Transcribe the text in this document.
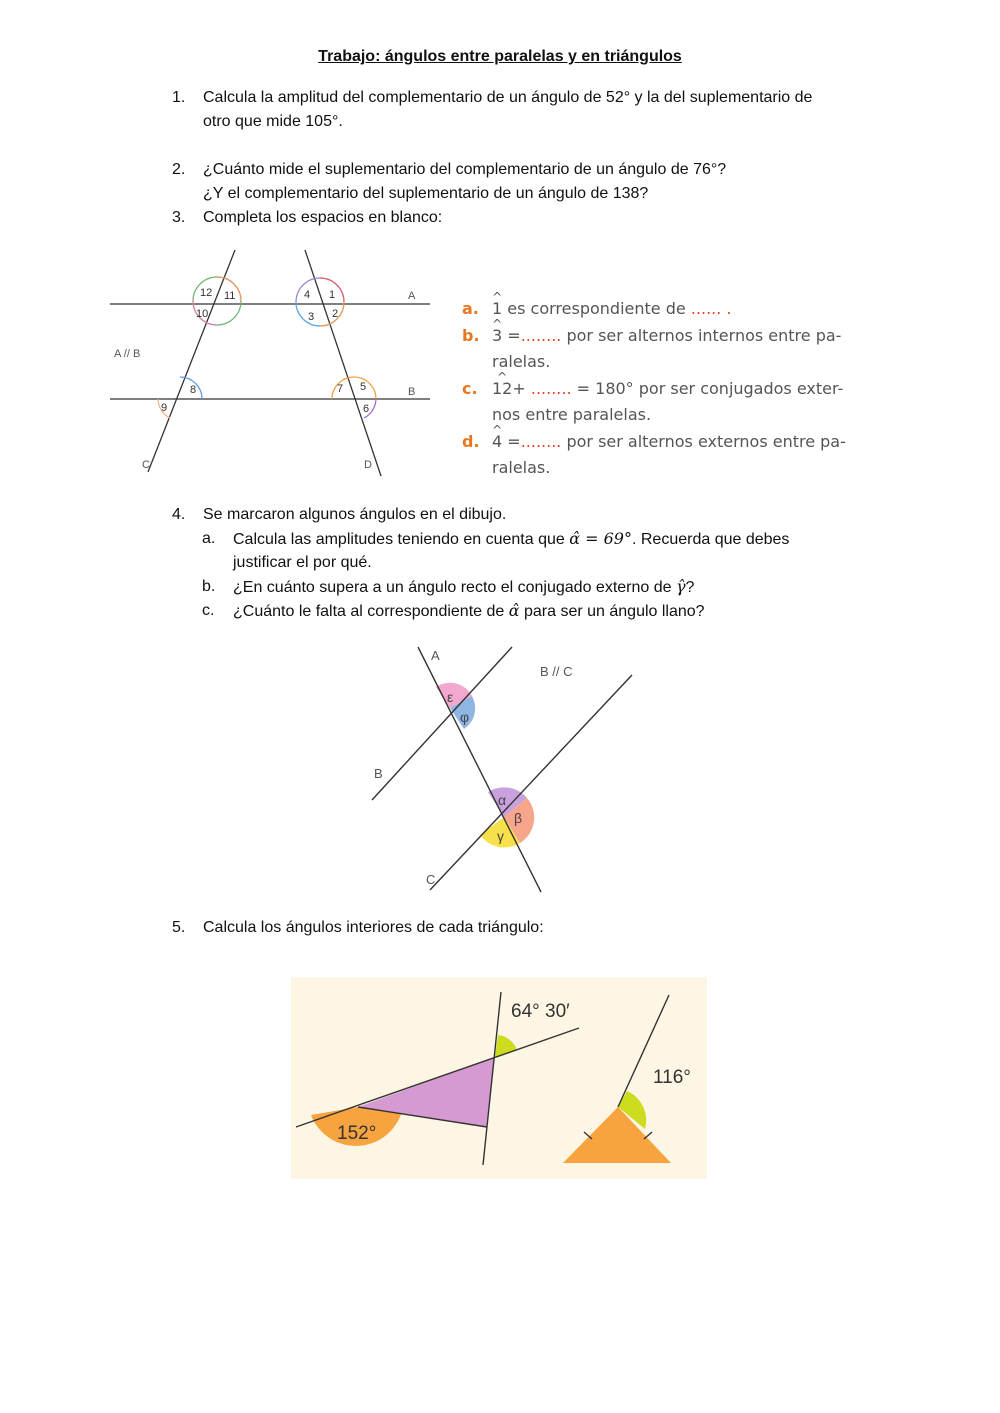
Trabajo: ángulos entre paralelas y en triángulos
1.	Calcula la amplitud del complementario de un ángulo de 52° y la del suplementario de
otro que mide 105°.
2.	¿Cuánto mide el suplementario del complementario de un ángulo de 76°?
¿Y el complementario del suplementario de un ángulo de 138?
3.	Completa los espacios en blanco:
12 11
10
4 1
3 2
8
9
7 5
6
A
B
C	D
A // B
a. ^ 1 es correspondiente de ...... .
b. ^ 3 =........ por ser alternos internos entre pa-
ralelas.
c. ^ 12+ ........ = 180° por ser conjugados exter-
nos entre paralelas.
d. ^ 4 =........ por ser alternos externos entre pa-
ralelas.
4.	Se marcaron algunos ángulos en el dibujo.
a.	Calcula las amplitudes teniendo en cuenta que α̂ = 69°. Recuerda que debes
justificar el por qué.
b.	¿En cuánto supera a un ángulo recto el conjugado externo de γ̂?
c.	¿Cuánto le falta al correspondiente de α̂ para ser un ángulo llano?
A
B
C
B // C
ε
φ
α
β
γ
5.	Calcula los ángulos interiores de cada triángulo:
64° 30′
152°
116°
